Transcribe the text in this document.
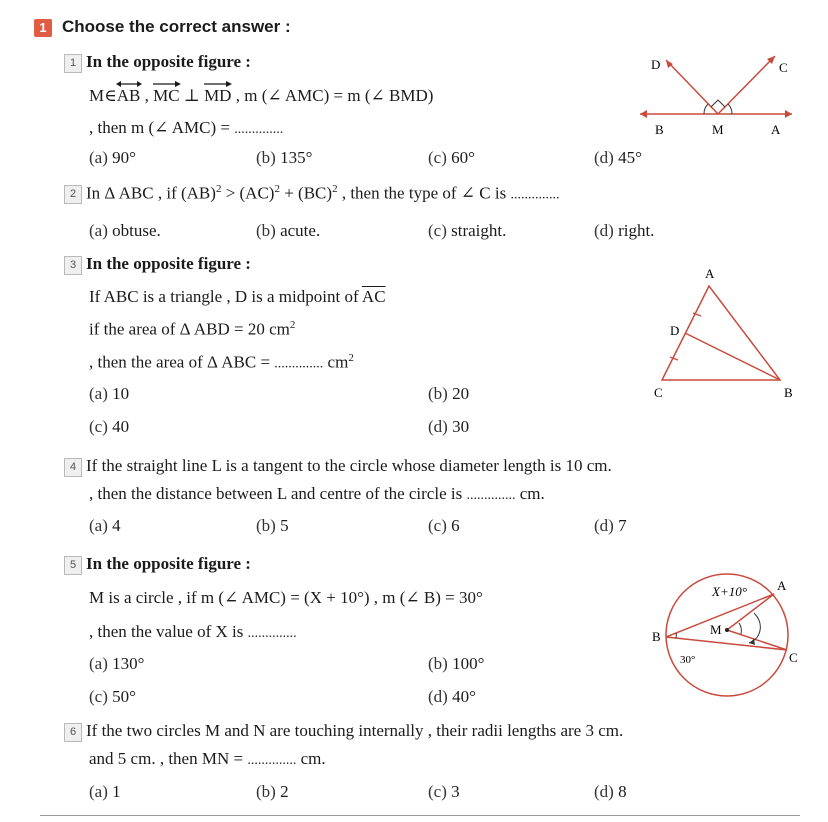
1 Choose the correct answer :
1 In the opposite figure :
M∈AB , MC ⊥ MD , m (∠ AMC) = m (∠ BMD)
, then m (∠ AMC) = ..............
(a) 90°	(b) 135°	(c) 60°	(d) 45°
D	C
B	M	A
2 In Δ ABC , if (AB)$^2$ > (AC)$^2$ + (BC)$^2$ , then the type of ∠ C is ..............
(a) obtuse.	(b) acute.	(c) straight.	(d) right.
3 In the opposite figure :
If ABC is a triangle , D is a midpoint of $\overline{AC}$
if the area of Δ ABD = 20 $cm^2$
, then the area of Δ ABC = .............. $cm^2$
(a) 10	(b) 20
(c) 40	(d) 30
A
D
C	B
4 If the straight line L is a tangent to the circle whose diameter length is 10 cm.
, then the distance between L and centre of the circle is .............. cm.
(a) 4	(b) 5	(c) 6	(d) 7
5 In the opposite figure :
M is a circle , if m (∠ AMC) = (X + 10°) , m (∠ B) = 30°
, then the value of X is ..............
(a) 130°	(b) 100°
(c) 50°	(d) 40°
X+10° A
B	M
C
30°
6 If the two circles M and N are touching internally , their radii lengths are 3 cm.
and 5 cm. , then MN = .............. cm.
(a) 1	(b) 2	(c) 3	(d) 8
